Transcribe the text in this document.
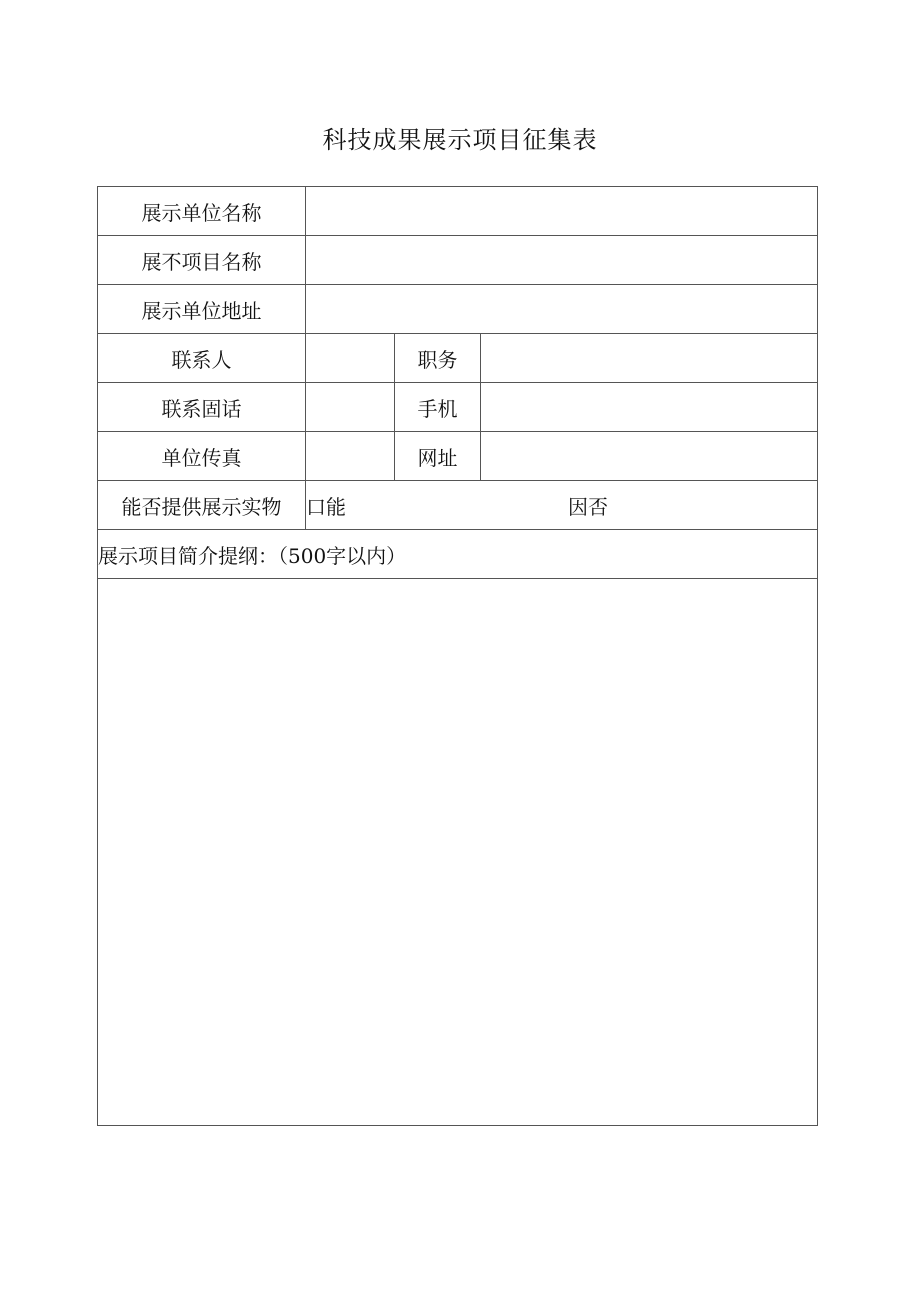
科技成果展示项目征集表
展示单位名称			
展不项目名称			
展示单位地址			
联系人		职务	
联系固话		手机	
单位传真		网址	
能否提供展示实物	口能 因否		
展示项目简介提纲：（500字以内）			
